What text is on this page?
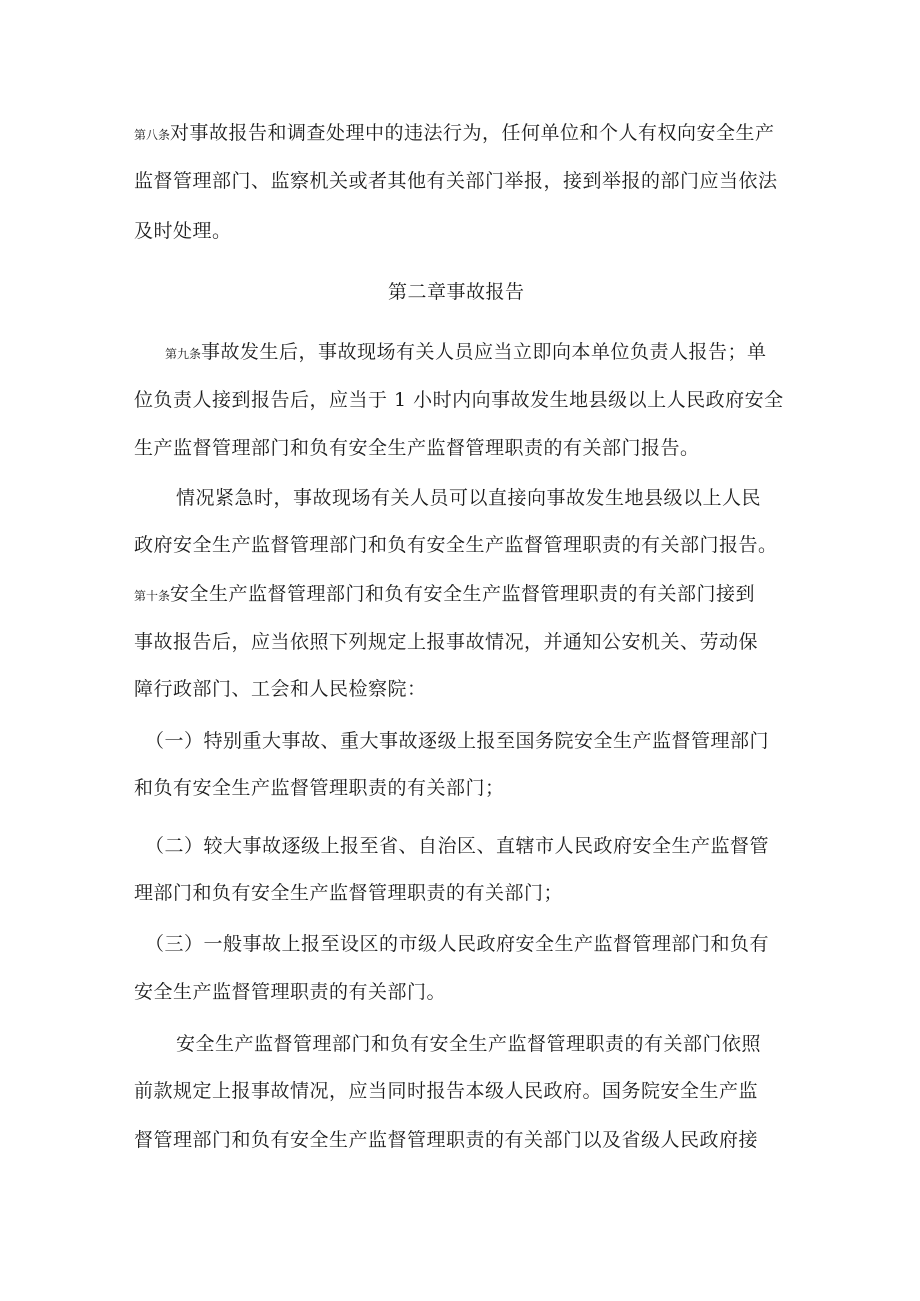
第八条对事故报告和调查处理中的违法行为，任何单位和个人有权向安全生产
监督管理部门、监察机关或者其他有关部门举报，接到举报的部门应当依法
及时处理。
第二章事故报告
第九条事故发生后，事故现场有关人员应当立即向本单位负责人报告；单
位负责人接到报告后，应当于 1 小时内向事故发生地县级以上人民政府安全
生产监督管理部门和负有安全生产监督管理职责的有关部门报告。
情况紧急时，事故现场有关人员可以直接向事故发生地县级以上人民
政府安全生产监督管理部门和负有安全生产监督管理职责的有关部门报告。
第十条安全生产监督管理部门和负有安全生产监督管理职责的有关部门接到
事故报告后，应当依照下列规定上报事故情况，并通知公安机关、劳动保
障行政部门、工会和人民检察院：
（一）特别重大事故、重大事故逐级上报至国务院安全生产监督管理部门
和负有安全生产监督管理职责的有关部门；
（二）较大事故逐级上报至省、自治区、直辖市人民政府安全生产监督管
理部门和负有安全生产监督管理职责的有关部门；
（三）一般事故上报至设区的市级人民政府安全生产监督管理部门和负有
安全生产监督管理职责的有关部门。
安全生产监督管理部门和负有安全生产监督管理职责的有关部门依照
前款规定上报事故情况，应当同时报告本级人民政府。国务院安全生产监
督管理部门和负有安全生产监督管理职责的有关部门以及省级人民政府接
